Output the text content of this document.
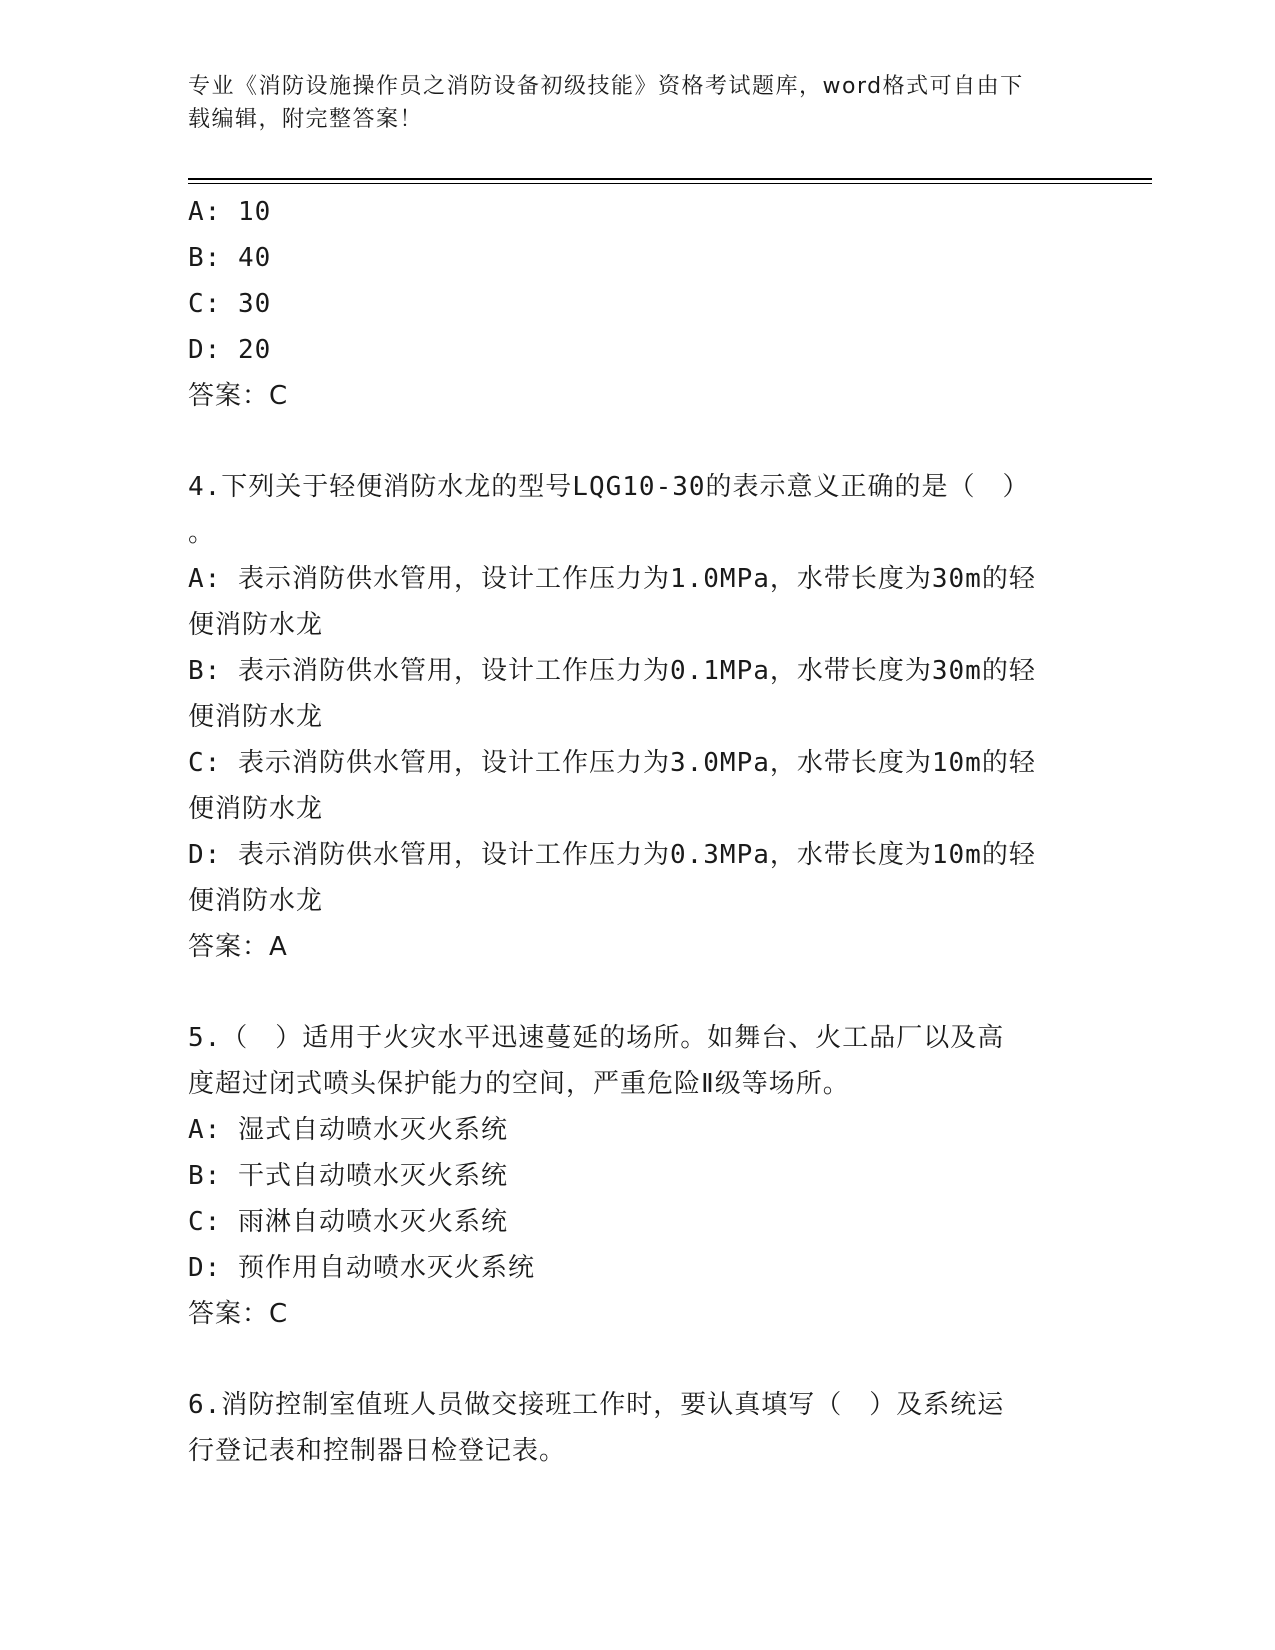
专业《消防设施操作员之消防设备初级技能》资格考试题库，word格式可自由下
载编辑，附完整答案！
A: 10
B: 40
C: 30
D: 20
答案：C
4.下列关于轻便消防水龙的型号LQG10-30的表示意义正确的是（　）
。
A: 表示消防供水管用，设计工作压力为1.0MPa，水带长度为30m的轻
便消防水龙
B: 表示消防供水管用，设计工作压力为0.1MPa，水带长度为30m的轻
便消防水龙
C: 表示消防供水管用，设计工作压力为3.0MPa，水带长度为10m的轻
便消防水龙
D: 表示消防供水管用，设计工作压力为0.3MPa，水带长度为10m的轻
便消防水龙
答案：A
5.（　）适用于火灾水平迅速蔓延的场所。如舞台、火工品厂以及高
度超过闭式喷头保护能力的空间，严重危险Ⅱ级等场所。
A: 湿式自动喷水灭火系统
B: 干式自动喷水灭火系统
C: 雨淋自动喷水灭火系统
D: 预作用自动喷水灭火系统
答案：C
6.消防控制室值班人员做交接班工作时，要认真填写（　）及系统运
行登记表和控制器日检登记表。
